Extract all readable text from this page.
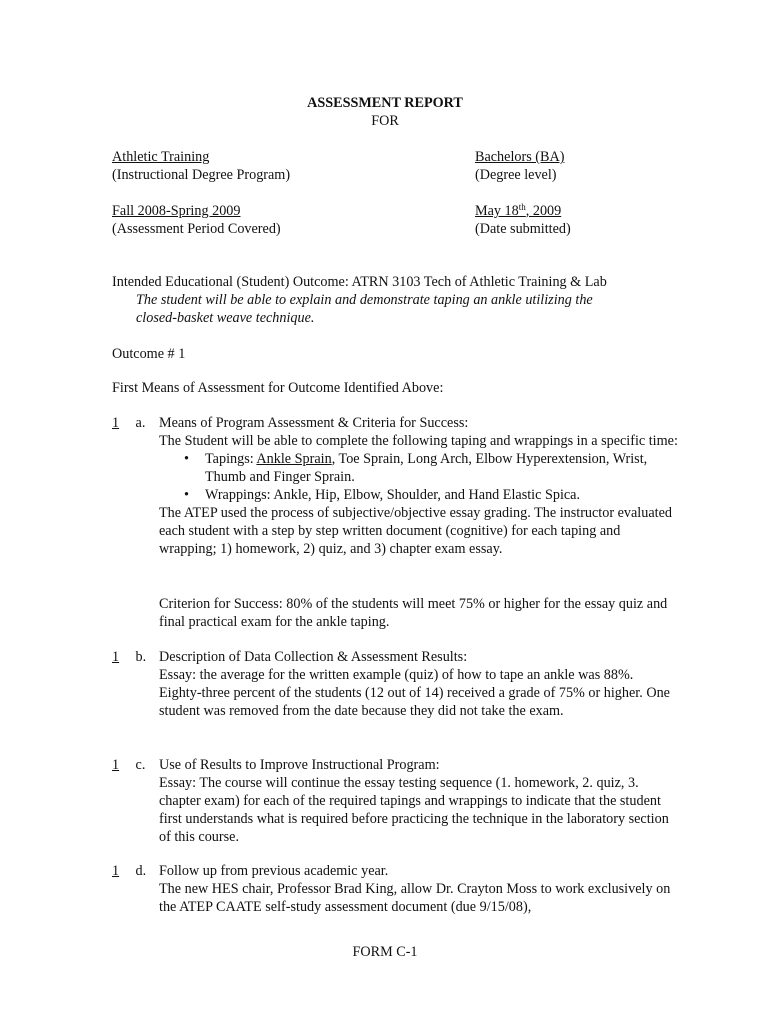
ASSESSMENT REPORT
FOR
Athletic Training
(Instructional Degree Program)
Bachelors (BA)
(Degree level)
Fall 2008-Spring 2009
(Assessment Period Covered)
May 18th, 2009
(Date submitted)
Intended Educational (Student) Outcome: ATRN 3103 Tech of Athletic Training & Lab
The student will be able to explain and demonstrate taping an ankle utilizing the
closed-basket weave technique.
Outcome # 1
First Means of Assessment for Outcome Identified Above:
1 a. Means of Program Assessment & Criteria for Success:

The Student will be able to complete the following taping and wrappings in a specific time:

• Tapings: Ankle Sprain, Toe Sprain, Long Arch, Elbow Hyperextension, Wrist, Thumb and Finger Sprain.
• Wrappings: Ankle, Hip, Elbow, Shoulder, and Hand Elastic Spica.

The ATEP used the process of subjective/objective essay grading. The instructor evaluated each student with a step by step written document (cognitive) for each taping and wrapping; 1) homework, 2) quiz, and 3) chapter exam essay.

Criterion for Success: 80% of the students will meet 75% or higher for the essay quiz and final practical exam for the ankle taping.
1 b. Description of Data Collection & Assessment Results:

Essay: the average for the written example (quiz) of how to tape an ankle was 88%. Eighty-three percent of the students (12 out of 14) received a grade of 75% or higher. One student was removed from the date because they did not take the exam.

1 c. Use of Results to Improve Instructional Program:

Essay: The course will continue the essay testing sequence (1. homework, 2. quiz, 3. chapter exam) for each of the required tapings and wrappings to indicate that the student first understands what is required before practicing the technique in the laboratory section of this course.

1 d. Follow up from previous academic year.

The new HES chair, Professor Brad King, allow Dr. Crayton Moss to work exclusively on the ATEP CAATE self-study assessment document (due 9/15/08),

FORM C-1
